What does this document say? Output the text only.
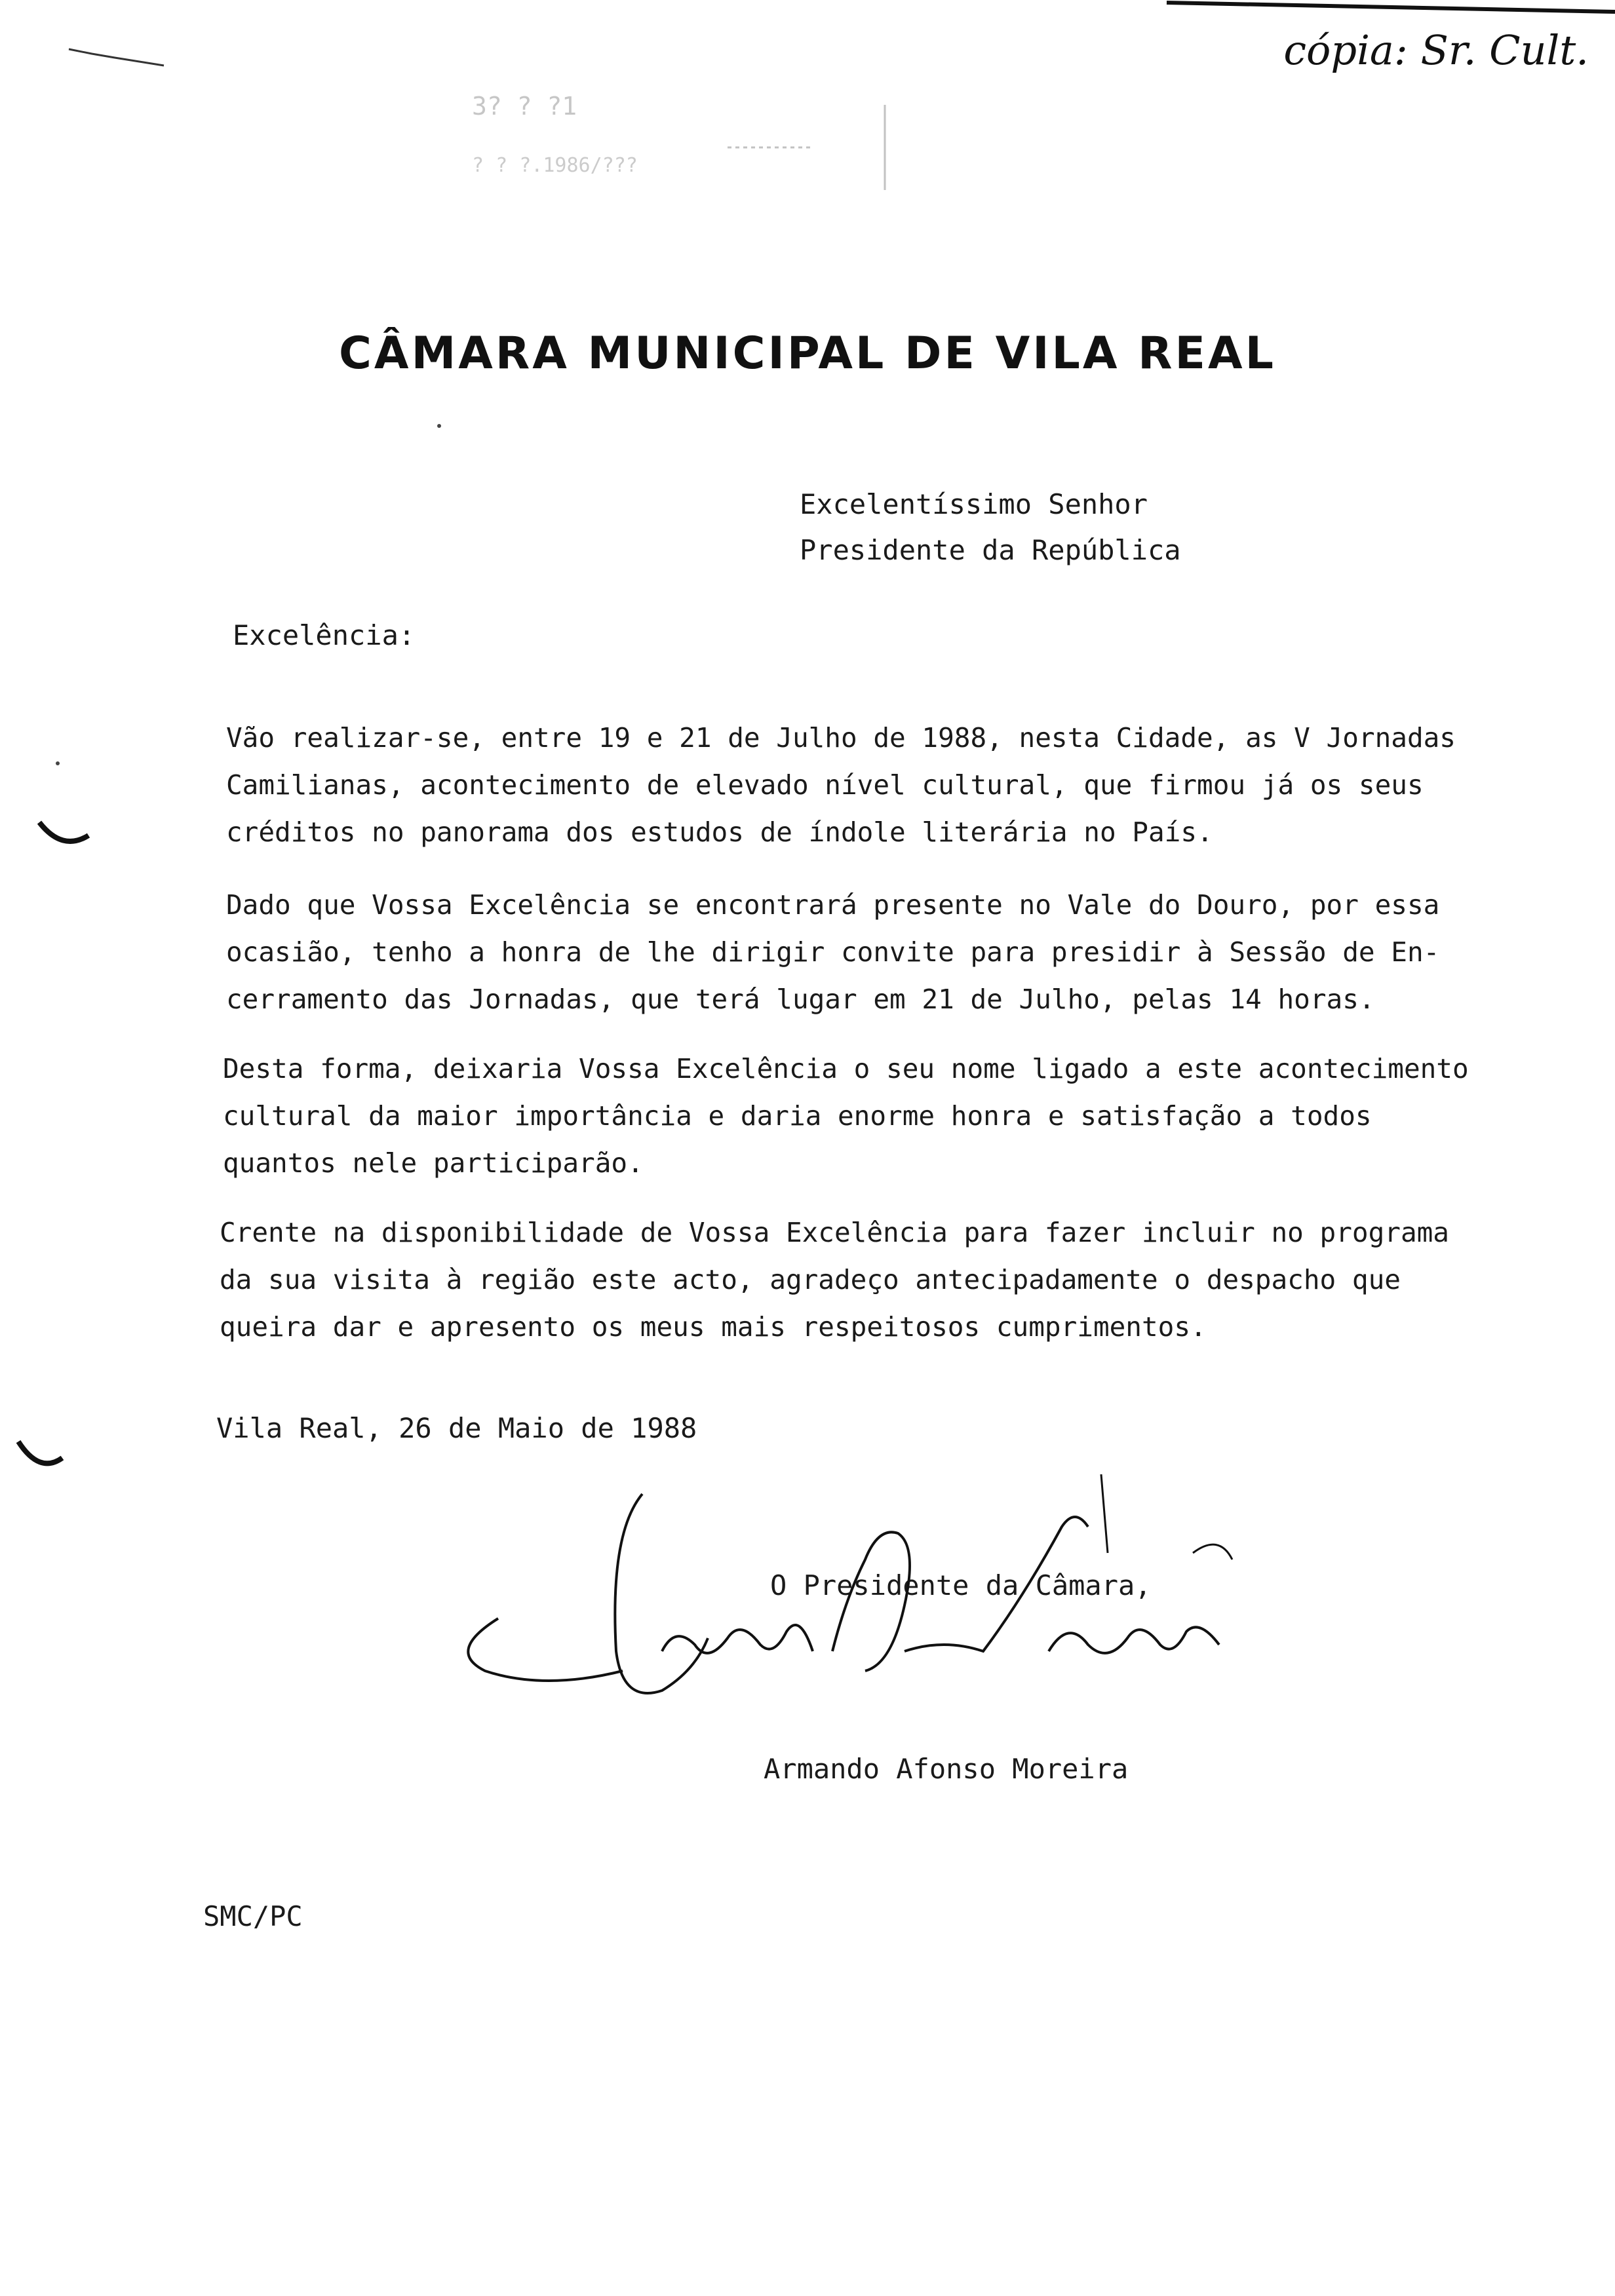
cópia: Sr. Cult.
3? ? ?1
? ? ?.1986/???
CÂMARA MUNICIPAL DE VILA REAL
Excelentíssimo Senhor
Presidente da República
Excelência:

Vão realizar-se, entre 19 e 21 de Julho de 1988, nesta Cidade, as V Jornadas

Camilianas, acontecimento de elevado nível cultural, que firmou já os seus

créditos no panorama dos estudos de índole literária no País.

Dado que Vossa Excelência se encontrará presente no Vale do Douro, por essa

ocasião, tenho a honra de lhe dirigir convite para presidir à Sessão de En-

cerramento das Jornadas, que terá lugar em 21 de Julho, pelas 14 horas.

Desta forma, deixaria Vossa Excelência o seu nome ligado a este acontecimento

cultural da maior importância e daria enorme honra e satisfação a todos

quantos nele participarão.

Crente na disponibilidade de Vossa Excelência para fazer incluir no programa

da sua visita à região este acto, agradeço antecipadamente o despacho que

queira dar e apresento os meus mais respeitosos cumprimentos.

Vila Real, 26 de Maio de 1988
O Presidente da Câmara,
Armando Afonso Moreira
SMC/PC
